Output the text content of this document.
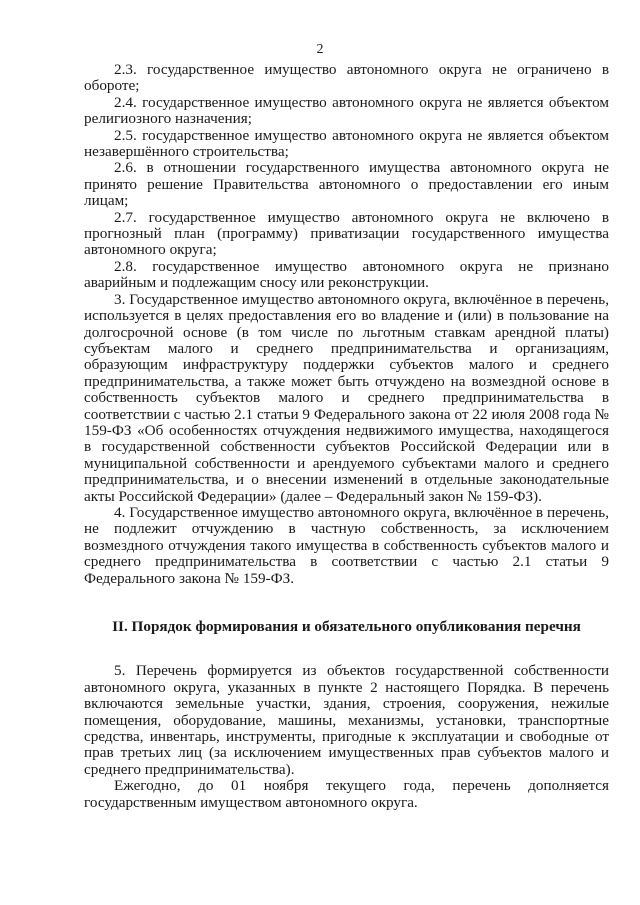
2

2.3. государственное имущество автономного округа не ограничено в обороте;

2.4. государственное имущество автономного округа не является объектом религиозного назначения;

2.5. государственное имущество автономного округа не является объектом незавершённого строительства;

2.6. в отношении государственного имущества автономного округа не принято решение Правительства автономного о предоставлении его иным лицам;

2.7. государственное имущество автономного округа не включено в прогнозный план (программу) приватизации государственного имущества автономного округа;

2.8. государственное имущество автономного округа не признано аварийным и подлежащим сносу или реконструкции.

3. Государственное имущество автономного округа, включённое в перечень, используется в целях предоставления его во владение и (или) в пользование на долгосрочной основе (в том числе по льготным ставкам арендной платы) субъектам малого и среднего предпринимательства и организациям, образующим инфраструктуру поддержки субъектов малого и среднего предпринимательства, а также может быть отчуждено на возмездной основе в собственность субъектов малого и среднего предпринимательства в соответствии с частью 2.1 статьи 9 Федерального закона от 22 июля 2008 года № 159-ФЗ «Об особенностях отчуждения недвижимого имущества, находящегося в государственной собственности субъектов Российской Федерации или в муниципальной собственности и арендуемого субъектами малого и среднего предпринимательства, и о внесении изменений в отдельные законодательные акты Российской Федерации» (далее – Федеральный закон № 159-ФЗ).

4. Государственное имущество автономного округа, включённое в перечень, не подлежит отчуждению в частную собственность, за исключением возмездного отчуждения такого имущества в собственность субъектов малого и среднего предпринимательства в соответствии с частью 2.1 статьи 9 Федерального закона № 159-ФЗ.

II. Порядок формирования и обязательного опубликования перечня

5. Перечень формируется из объектов государственной собственности автономного округа, указанных в пункте 2 настоящего Порядка. В перечень включаются земельные участки, здания, строения, сооружения, нежилые помещения, оборудование, машины, механизмы, установки, транспортные средства, инвентарь, инструменты, пригодные к эксплуатации и свободные от прав третьих лиц (за исключением имущественных прав субъектов малого и среднего предпринимательства).

Ежегодно, до 01 ноября текущего года, перечень дополняется государственным имуществом автономного округа.
